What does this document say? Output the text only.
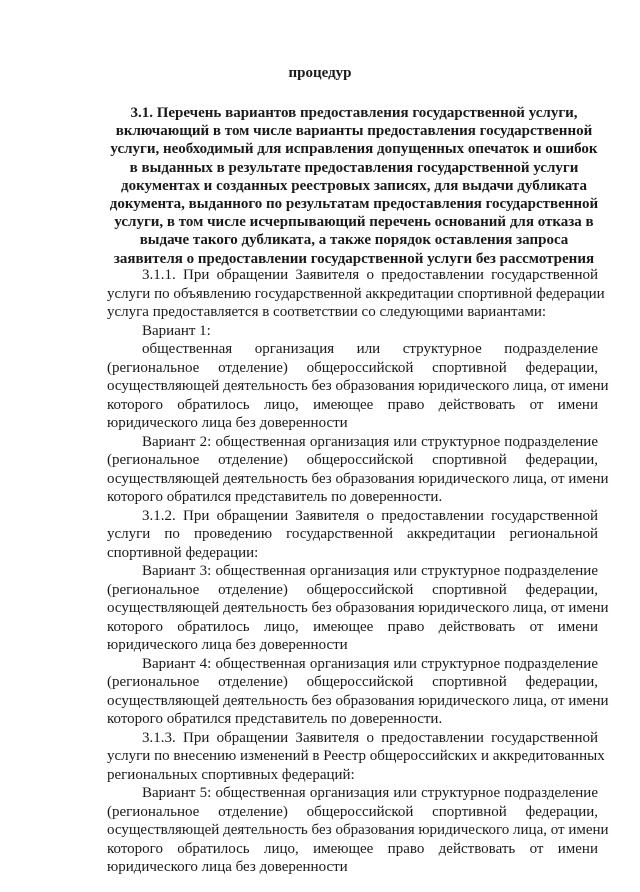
процедур
3.1. Перечень вариантов предоставления государственной услуги,
включающий в том числе варианты предоставления государственной
услуги, необходимый для исправления допущенных опечаток и ошибок
в выданных в результате предоставления государственной услуги
документах и созданных реестровых записях, для выдачи дубликата
документа, выданного по результатам предоставления государственной
услуги, в том числе исчерпывающий перечень оснований для отказа в
выдаче такого дубликата, а также порядок оставления запроса
заявителя о предоставлении государственной услуги без рассмотрения
3.1.1. При обращении Заявителя о предоставлении государственной
услуги по объявлению государственной аккредитации спортивной федерации
услуга предоставляется в соответствии со следующими вариантами:
Вариант 1:
общественная организация или структурное подразделение
(региональное отделение) общероссийской спортивной федерации,
осуществляющей деятельность без образования юридического лица, от имени
которого обратилось лицо, имеющее право действовать от имени
юридического лица без доверенности
Вариант 2: общественная организация или структурное подразделение
(региональное отделение) общероссийской спортивной федерации,
осуществляющей деятельность без образования юридического лица, от имени
которого обратился представитель по доверенности.
3.1.2. При обращении Заявителя о предоставлении государственной
услуги по проведению государственной аккредитации региональной
спортивной федерации:
Вариант 3: общественная организация или структурное подразделение
(региональное отделение) общероссийской спортивной федерации,
осуществляющей деятельность без образования юридического лица, от имени
которого обратилось лицо, имеющее право действовать от имени
юридического лица без доверенности
Вариант 4: общественная организация или структурное подразделение
(региональное отделение) общероссийской спортивной федерации,
осуществляющей деятельность без образования юридического лица, от имени
которого обратился представитель по доверенности.
3.1.3. При обращении Заявителя о предоставлении государственной
услуги по внесению изменений в Реестр общероссийских и аккредитованных
региональных спортивных федераций:
Вариант 5: общественная организация или структурное подразделение
(региональное отделение) общероссийской спортивной федерации,
осуществляющей деятельность без образования юридического лица, от имени
которого обратилось лицо, имеющее право действовать от имени
юридического лица без доверенности
